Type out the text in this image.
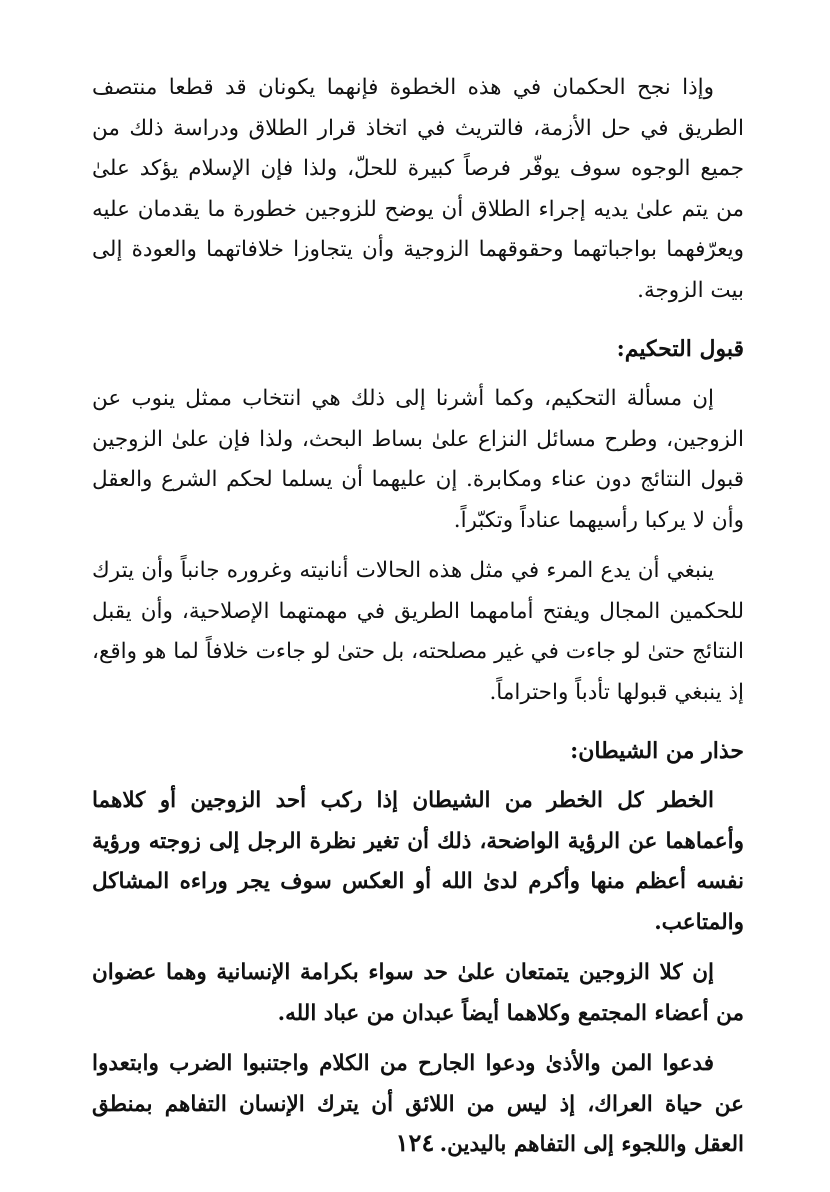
وإذا نجح الحكمان في هذه الخطوة فإنهما يكونان قد قطعا منتصف الطريق في حل الأزمة، فالتريث في اتخاذ قرار الطلاق ودراسة ذلك من جميع الوجوه سوف يوفّر فرصاً كبيرة للحلّ، ولذا فإن الإسلام يؤكد علىٰ من يتم علىٰ يديه إجراء الطلاق أن يوضح للزوجين خطورة ما يقدمان عليه ويعرّفهما بواجباتهما وحقوقهما الزوجية وأن يتجاوزا خلافاتهما والعودة إلى بيت الزوجة.

قبول التحكيم:

إن مسألة التحكيم، وكما أشرنا إلى ذلك هي انتخاب ممثل ينوب عن الزوجين، وطرح مسائل النزاع علىٰ بساط البحث، ولذا فإن علىٰ الزوجين قبول النتائج دون عناء ومكابرة. إن عليهما أن يسلما لحكم الشرع والعقل وأن لا يركبا رأسيهما عناداً وتكبّراً.

ينبغي أن يدع المرء في مثل هذه الحالات أنانيته وغروره جانباً وأن يترك للحكمين المجال ويفتح أمامهما الطريق في مهمتهما الإصلاحية، وأن يقبل النتائج حتىٰ لو جاءت في غير مصلحته، بل حتىٰ لو جاءت خلافاً لما هو واقع، إذ ينبغي قبولها تأدباً واحتراماً.

حذار من الشيطان:

الخطر كل الخطر من الشيطان إذا ركب أحد الزوجين أو كلاهما وأعماهما عن الرؤية الواضحة، ذلك أن تغير نظرة الرجل إلى زوجته ورؤية نفسه أعظم منها وأكرم لدىٰ الله أو العكس سوف يجر وراءه المشاكل والمتاعب.

إن كلا الزوجين يتمتعان علىٰ حد سواء بكرامة الإنسانية وهما عضوان من أعضاء المجتمع وكلاهما أيضاً عبدان من عباد الله.

فدعوا المن والأذىٰ ودعوا الجارح من الكلام واجتنبوا الضرب وابتعدوا عن حياة العراك، إذ ليس من اللائق أن يترك الإنسان التفاهم بمنطق العقل واللجوء إلى التفاهم باليدين.

١٢٤
